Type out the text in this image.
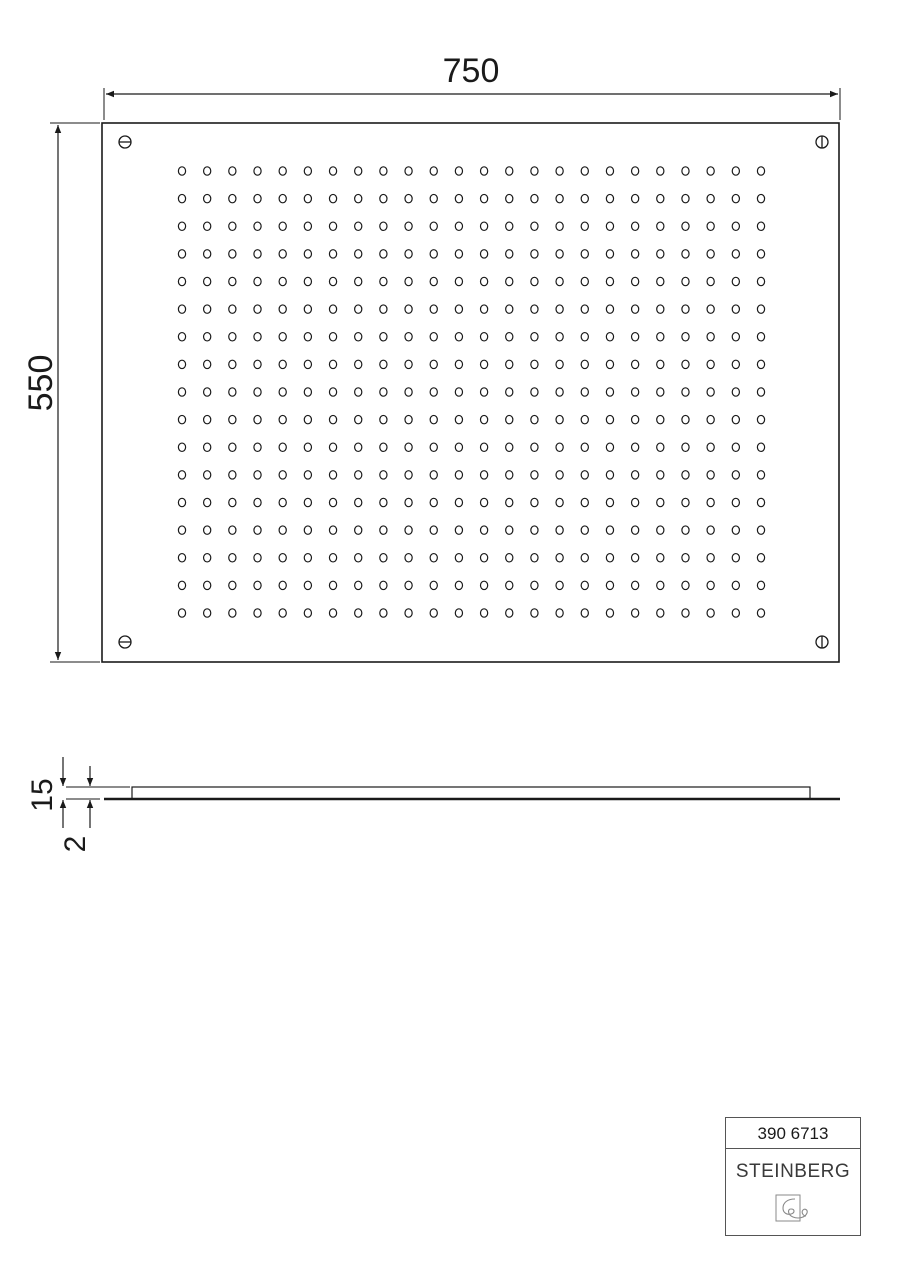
750
550
15
2
390 6713
STEINBERG
